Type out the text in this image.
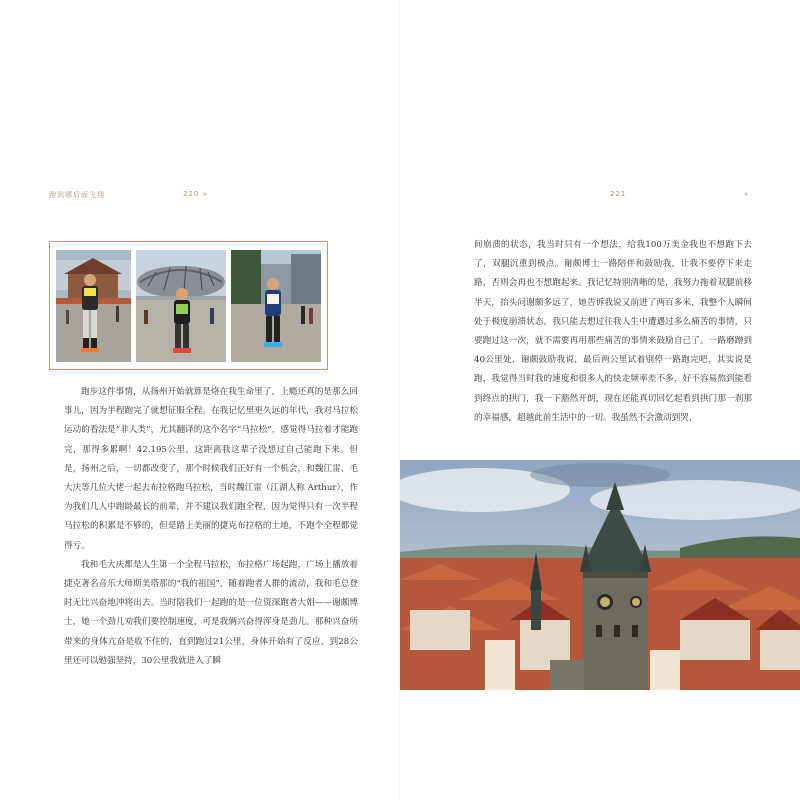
跑到哪后面飞翔	220 »	221	»

跑步这件事情，从扬州开始就算是烙在我生命里了，上瘾还真的是那么回事儿，因为半程跑完了就想征服全程。在我记忆里更久远的年代，我对马拉松运动的看法是“非人类”，尤其翻译的这个名字“马拉松”，感觉得马拉着才能跑完，那得多累啊！42.195公里，这距离我这辈子没想过自己能跑下来。但是，扬州之后，一切都改变了，那个时候我们正好有一个机会，和魏江雷、毛大庆等几位大佬一起去布拉格跑马拉松，当时魏江雷（江湖人称 Arthur），作为我们几人中跑龄最长的前辈，并不建议我们跑全程，因为觉得只有一次半程马拉松的积累是不够的，但是踏上美丽的捷克布拉格的土地，不跑个全程都觉得亏。

我和毛大庆都是人生第一个全程马拉松，布拉格广场起跑，广场上播放着捷克著名音乐大师斯美塔那的“我的祖国”，随着跑者人群的流动，我和毛总登时无比兴奋地冲将出去。当时陪我们一起跑的是一位资深跑者大姐——谢颇博士，她一个劲儿劝我们要控制速度，可是我俩兴奋得浑身是劲儿。那种兴奋所带来的身体亢奋是收不住的，直到跑过21公里，身体开始有了反应，到28公里还可以勉强坚持，30公里我就进入了瞬

间崩溃的状态，我当时只有一个想法，给我100万美金我也不想跑下去了，双腿沉重到极点。谢颇博士一路陪伴和鼓励我，让我不要停下来走路，否则会再也不想跑起来。我记忆特别清晰的是，我努力拖着双腿前移半天，抬头问谢颇多远了，她告诉我说又前进了两百多米，我整个人瞬间处于极度崩溃状态，我只能去想过往我人生中遭遇过多么痛苦的事情，只要跑过这一次，就不需要再用那些痛苦的事情来鼓励自己了。一路磨蹭到40公里处，谢颇鼓励我说，最后两公里试着别停一路跑完吧，其实说是跑，我觉得当时我的速度和很多人的快走频率差不多，好不容易熬到能看到终点的拱门，我一下豁然开朗，现在还能真切回忆起看到拱门那一刹那的幸福感，超越此前生活中的一切。我虽然不会激动到哭，
